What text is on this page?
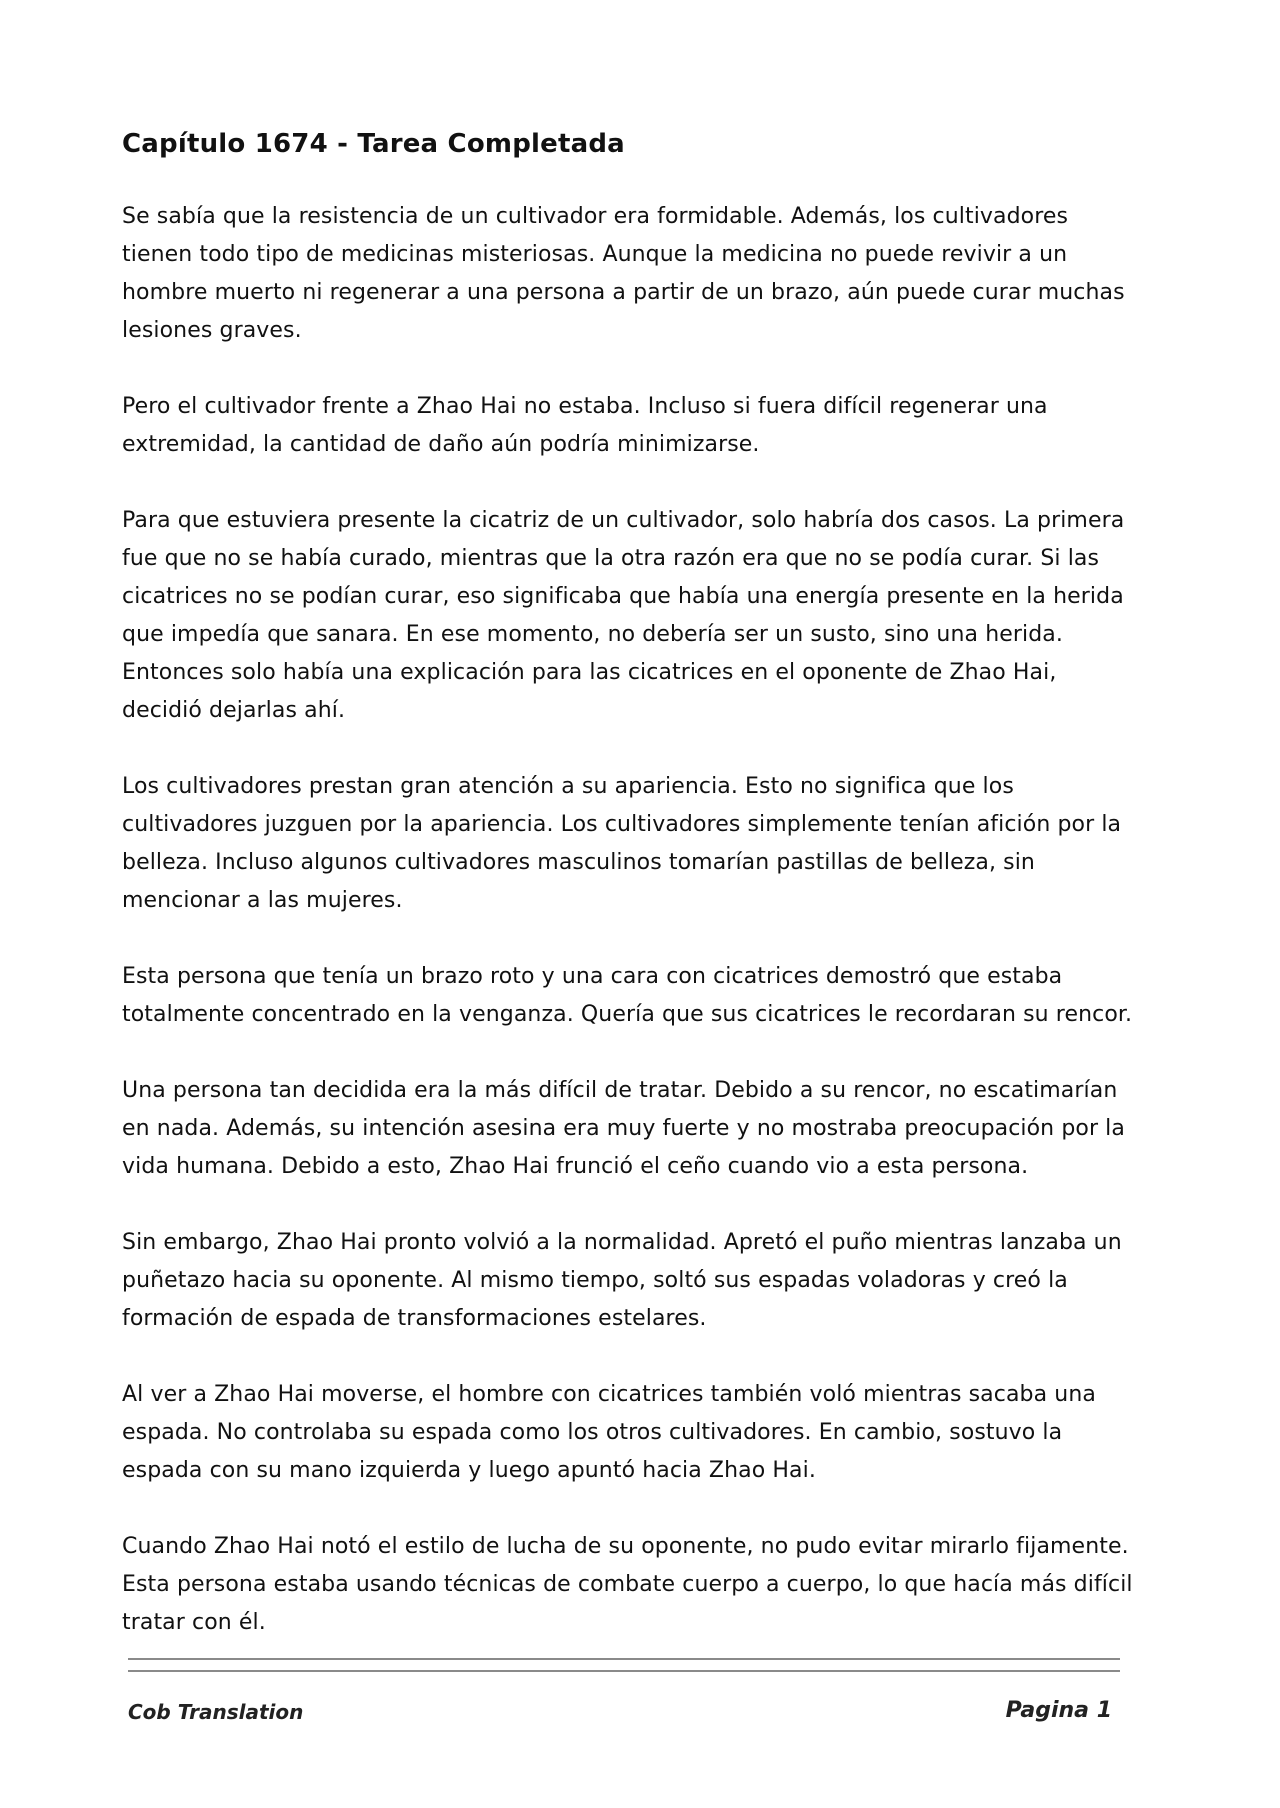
Capítulo 1674 - Tarea Completada

Se sabía que la resistencia de un cultivador era formidable. Además, los cultivadores tienen todo tipo de medicinas misteriosas. Aunque la medicina no puede revivir a un hombre muerto ni regenerar a una persona a partir de un brazo, aún puede curar muchas lesiones graves.

Pero el cultivador frente a Zhao Hai no estaba. Incluso si fuera difícil regenerar una extremidad, la cantidad de daño aún podría minimizarse.

Para que estuviera presente la cicatriz de un cultivador, solo habría dos casos. La primera fue que no se había curado, mientras que la otra razón era que no se podía curar. Si las cicatrices no se podían curar, eso significaba que había una energía presente en la herida que impedía que sanara. En ese momento, no debería ser un susto, sino una herida. Entonces solo había una explicación para las cicatrices en el oponente de Zhao Hai, decidió dejarlas ahí.

Los cultivadores prestan gran atención a su apariencia. Esto no significa que los cultivadores juzguen por la apariencia. Los cultivadores simplemente tenían afición por la belleza. Incluso algunos cultivadores masculinos tomarían pastillas de belleza, sin mencionar a las mujeres.

Esta persona que tenía un brazo roto y una cara con cicatrices demostró que estaba totalmente concentrado en la venganza. Quería que sus cicatrices le recordaran su rencor.

Una persona tan decidida era la más difícil de tratar. Debido a su rencor, no escatimarían en nada. Además, su intención asesina era muy fuerte y no mostraba preocupación por la vida humana. Debido a esto, Zhao Hai frunció el ceño cuando vio a esta persona.

Sin embargo, Zhao Hai pronto volvió a la normalidad. Apretó el puño mientras lanzaba un puñetazo hacia su oponente. Al mismo tiempo, soltó sus espadas voladoras y creó la formación de espada de transformaciones estelares.

Al ver a Zhao Hai moverse, el hombre con cicatrices también voló mientras sacaba una espada. No controlaba su espada como los otros cultivadores. En cambio, sostuvo la espada con su mano izquierda y luego apuntó hacia Zhao Hai.

Cuando Zhao Hai notó el estilo de lucha de su oponente, no pudo evitar mirarlo fijamente. Esta persona estaba usando técnicas de combate cuerpo a cuerpo, lo que hacía más difícil tratar con él.

Cob Translation	Pagina 1
